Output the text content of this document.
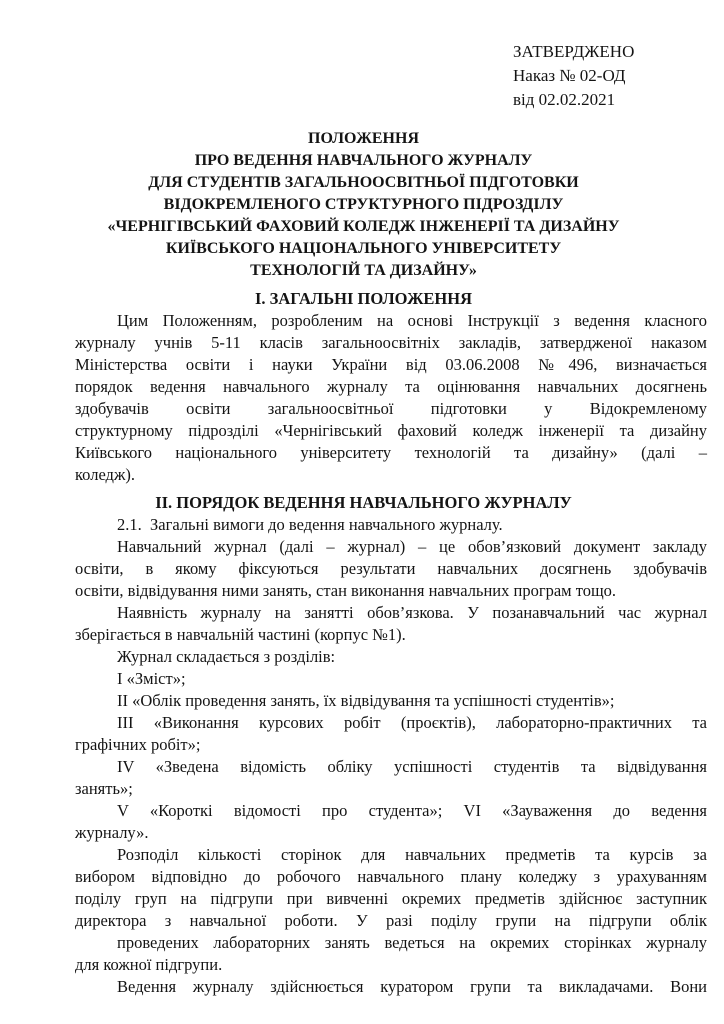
ЗАТВЕРДЖЕНО
Наказ № 02-ОД
від 02.02.2021
ПОЛОЖЕННЯ
ПРО ВЕДЕННЯ НАВЧАЛЬНОГО ЖУРНАЛУ
ДЛЯ СТУДЕНТІВ ЗАГАЛЬНООСВІТНЬОЇ ПІДГОТОВКИ
ВІДОКРЕМЛЕНОГО СТРУКТУРНОГО ПІДРОЗДІЛУ
«ЧЕРНІГІВСЬКИЙ ФАХОВИЙ КОЛЕДЖ ІНЖЕНЕРІЇ ТА ДИЗАЙНУ
КИЇВСЬКОГО НАЦІОНАЛЬНОГО УНІВЕРСИТЕТУ
ТЕХНОЛОГІЙ ТА ДИЗАЙНУ»
І. ЗАГАЛЬНІ ПОЛОЖЕННЯ
Цим Положенням, розробленим на основі Інструкції з ведення класного
журналу учнів 5-11 класів загальноосвітніх закладів, затвердженої наказом
Міністерства освіти і науки України від 03.06.2008 №496, визначається
порядок ведення навчального журналу та оцінювання навчальних досягнень
здобувачів освіти загальноосвітньої підготовки у Відокремленому
структурному підрозділі «Чернігівський фаховий коледж інженерії та дизайну
Київського національного університету технологій та дизайну» (далі –
коледж).
ІІ. ПОРЯДОК ВЕДЕННЯ НАВЧАЛЬНОГО ЖУРНАЛУ
2.1.  Загальні вимоги до ведення навчального журналу.
Навчальний журнал (далі – журнал) – це обов’язковий документ закладу
освіти, в якому фіксуються результати навчальних досягнень здобувачів
освіти, відвідування ними занять, стан виконання навчальних програм тощо.
Наявність журналу на занятті обов’язкова. У позанавчальний час журнал
зберігається в навчальній частині (корпус №1).
Журнал складається з розділів:
І «Зміст»;
ІІ «Облік проведення занять, їх відвідування та успішності студентів»;
ІІІ «Виконання курсових робіт (проєктів), лабораторно-практичних та
графічних робіт»;
IV «Зведена відомість обліку успішності студентів та відвідування
занять»;
V «Короткі відомості про студента»; VI «Зауваження до ведення
журналу».
Розподіл кількості сторінок для навчальних предметів та курсів за
вибором відповідно до робочого навчального плану коледжу з урахуванням
поділу груп на підгрупи при вивченні окремих предметів здійснює заступник
директора з навчальної роботи. У разі поділу групи на підгрупи облік
проведених лабораторних занять ведеться на окремих сторінках журналу
для кожної підгрупи.
Ведення журналу здійснюється куратором групи та викладачами. Вони
